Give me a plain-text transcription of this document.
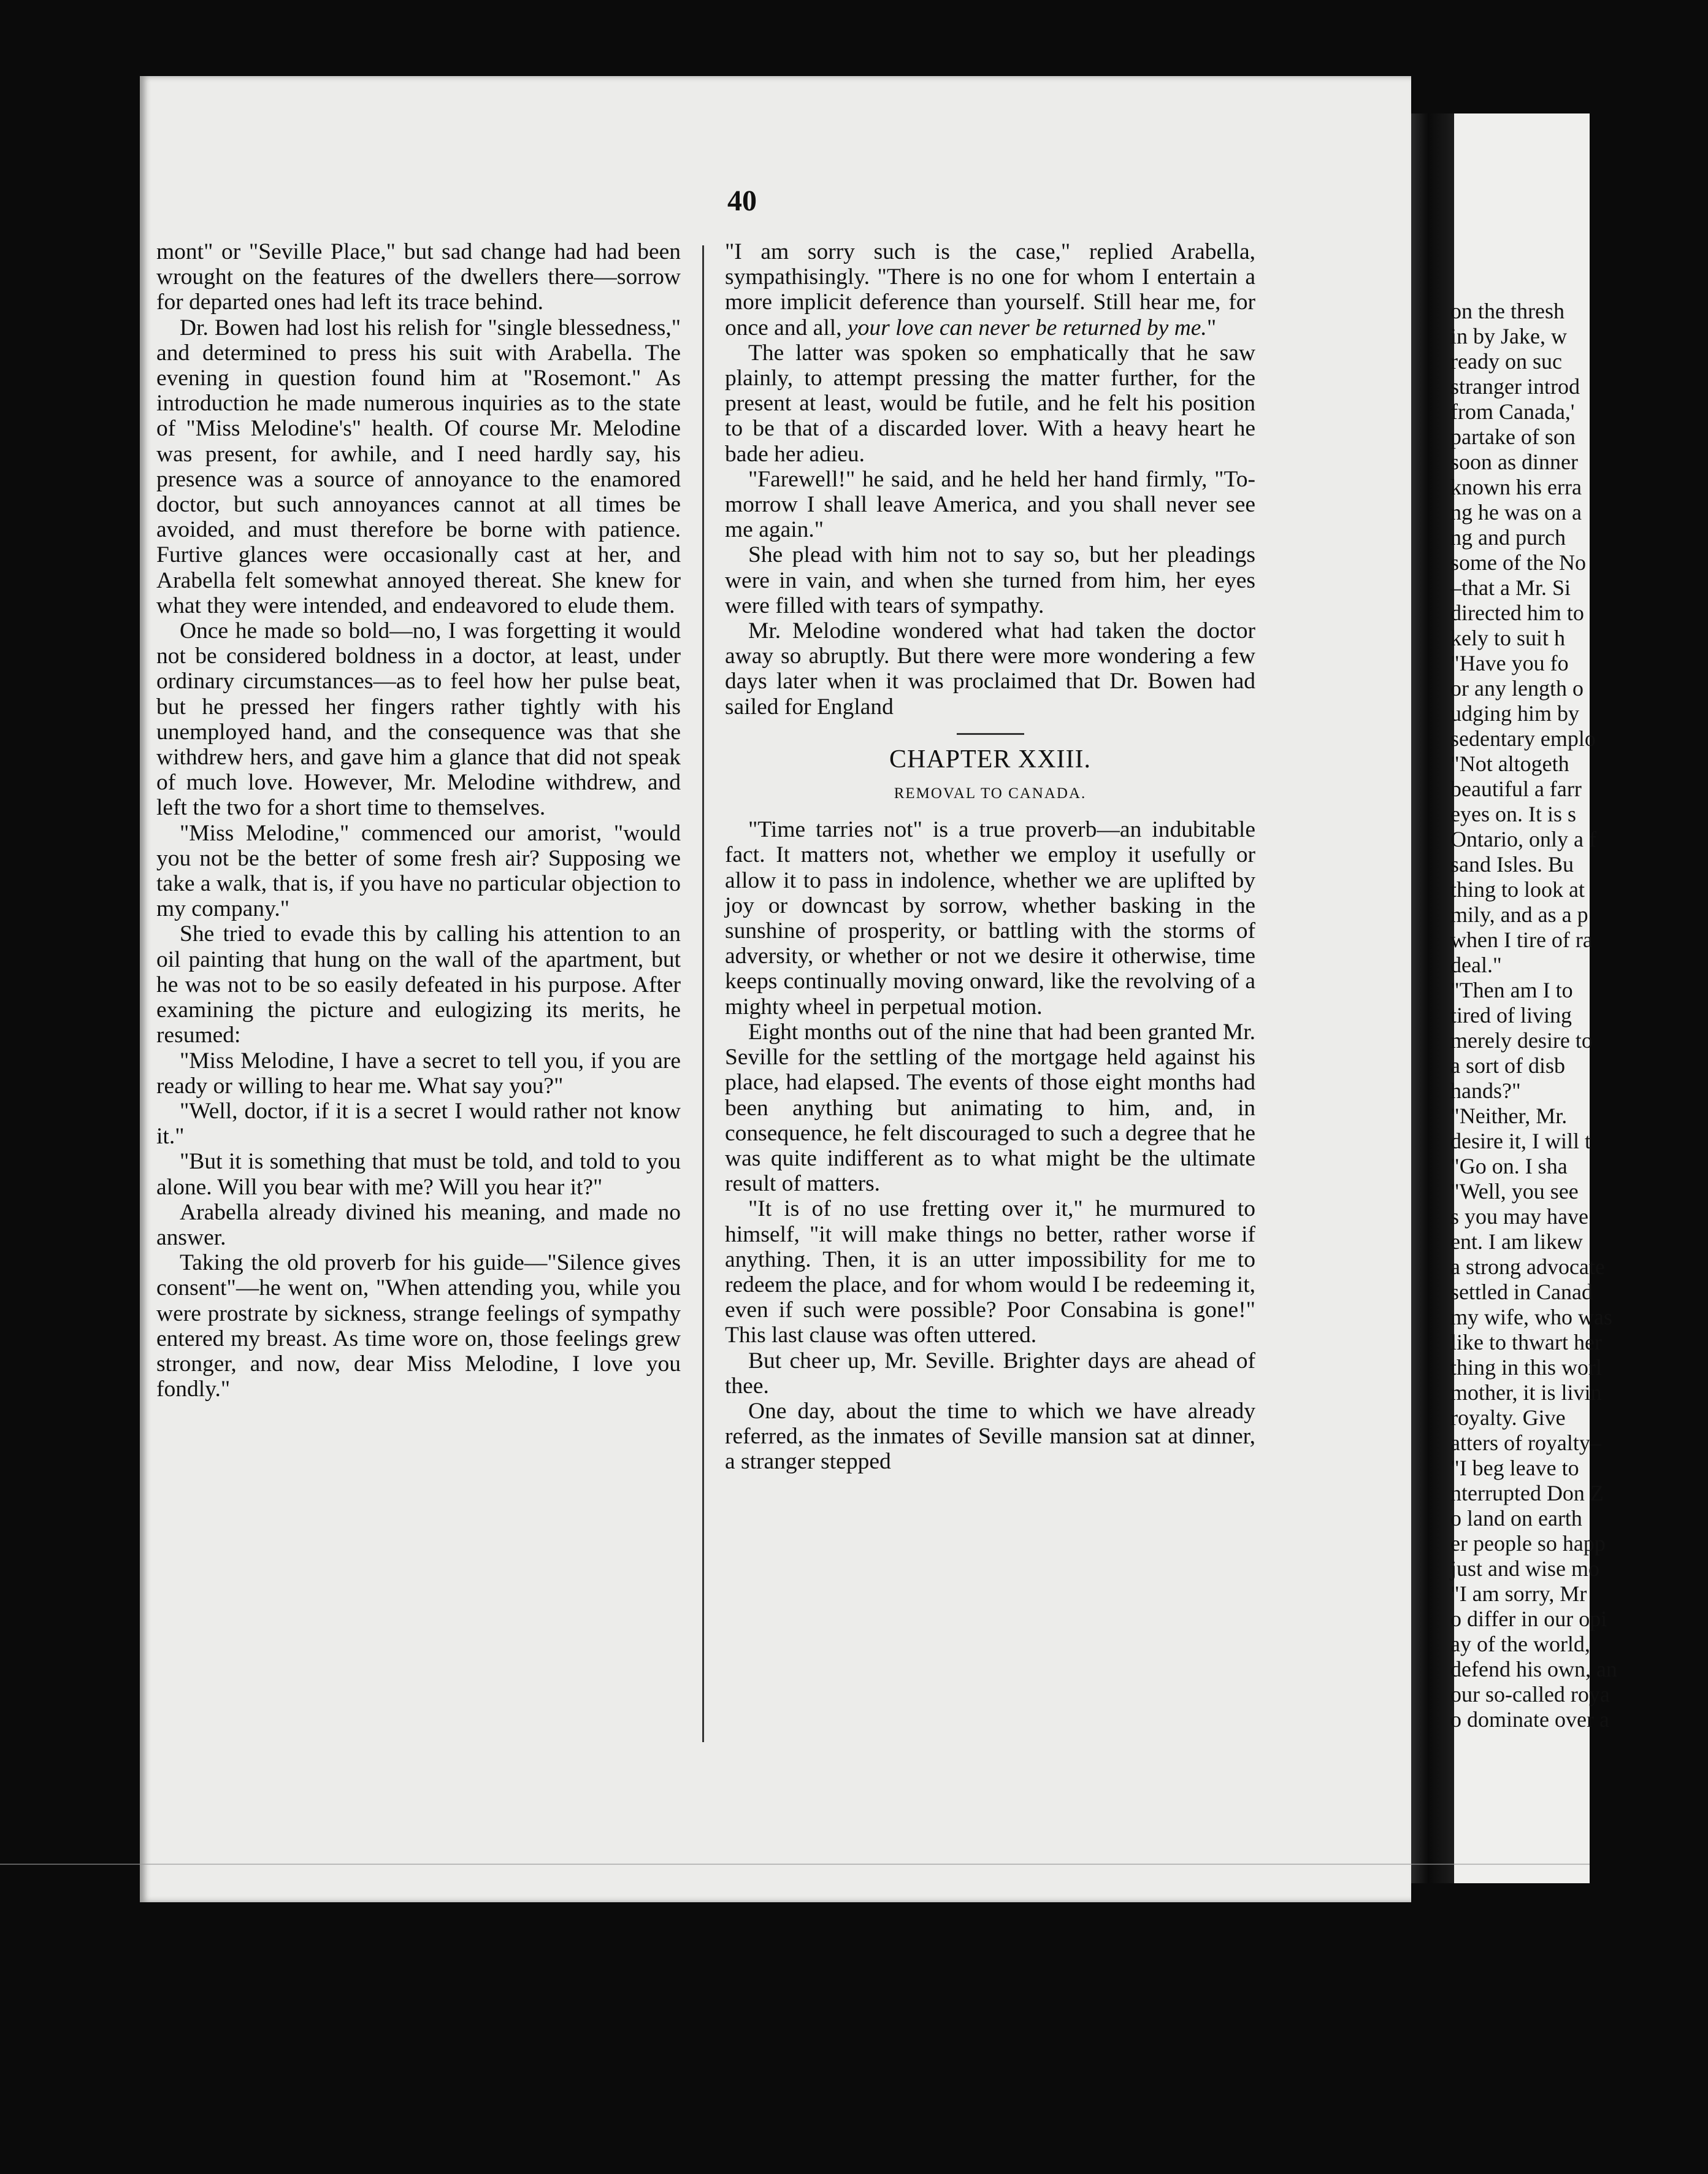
on the thresh
in by Jake, w
ready on suc
stranger introd
from Canada,'
partake of son
soon as dinner
known his erra
ng he was on a
ng and purch
some of the No
–that a Mr. Si
directed him to
kely to suit h
"Have you fo
or any length o
udging him by
sedentary emplo
"Not altogeth
beautiful a farr
eyes on. It is s
Ontario, only a f
sand Isles. Bu
thing to look at
mily, and as a p
when I tire of ra
deal."
"Then am I to
tired of living
merely desire to
a sort of disb
hands?"
"Neither, Mr.
desire it, I will t
"Go on. I sha
"Well, you see
s you may have
ent. I am likew
a strong advocate
settled in Canad
my wife, who was
like to thwart her
thing in this worl
mother, it is livin
royalty. Give
atters of royalty–
"I beg leave to
nterrupted Don Z
o land on earth
er people so happ
just and wise mo
"I am sorry, Mr
o differ in our opi
ay of the world,
defend his own, an
our so-called roya
o dominate over a
40

mont" or "Seville Place," but sad change had had been wrought on the features of the dwellers there—sorrow for departed ones had left its trace behind.

Dr. Bowen had lost his relish for "single blessedness," and determined to press his suit with Arabella. The evening in question found him at "Rosemont." As introduction he made numerous inquiries as to the state of "Miss Melodine's" health. Of course Mr. Melodine was present, for awhile, and I need hardly say, his presence was a source of annoyance to the enamored doctor, but such annoyances cannot at all times be avoided, and must therefore be borne with patience. Furtive glances were occasionally cast at her, and Arabella felt somewhat annoyed thereat. She knew for what they were intended, and endeavored to elude them.

Once he made so bold—no, I was forgetting it would not be considered boldness in a doctor, at least, under ordinary circumstances—as to feel how her pulse beat, but he pressed her fingers rather tightly with his unemployed hand, and the consequence was that she withdrew hers, and gave him a glance that did not speak of much love. However, Mr. Melodine withdrew, and left the two for a short time to themselves.

"Miss Melodine," commenced our amorist, "would you not be the better of some fresh air? Supposing we take a walk, that is, if you have no particular objection to my company."

She tried to evade this by calling his attention to an oil painting that hung on the wall of the apartment, but he was not to be so easily defeated in his purpose. After examining the picture and eulogizing its merits, he resumed:

"Miss Melodine, I have a secret to tell you, if you are ready or willing to hear me. What say you?"

"Well, doctor, if it is a secret I would rather not know it."

"But it is something that must be told, and told to you alone. Will you bear with me? Will you hear it?"

Arabella already divined his meaning, and made no answer.

Taking the old proverb for his guide—"Silence gives consent"—he went on, "When attending you, while you were prostrate by sickness, strange feelings of sympathy entered my breast. As time wore on, those feelings grew stronger, and now, dear Miss Melodine, I love you fondly."

"I am sorry such is the case," replied Arabella, sympathisingly. "There is no one for whom I entertain a more implicit deference than yourself. Still hear me, for once and all, your love can never be returned by me."

The latter was spoken so emphatically that he saw plainly, to attempt pressing the matter further, for the present at least, would be futile, and he felt his position to be that of a discarded lover. With a heavy heart he bade her adieu.

"Farewell!" he said, and he held her hand firmly, "To-morrow I shall leave America, and you shall never see me again."

She plead with him not to say so, but her pleadings were in vain, and when she turned from him, her eyes were filled with tears of sympathy.

Mr. Melodine wondered what had taken the doctor away so abruptly. But there were more wondering a few days later when it was proclaimed that Dr. Bowen had sailed for England

CHAPTER XXIII.
REMOVAL TO CANADA.

"Time tarries not" is a true proverb—an indubitable fact. It matters not, whether we employ it usefully or allow it to pass in indolence, whether we are uplifted by joy or downcast by sorrow, whether basking in the sunshine of prosperity, or battling with the storms of adversity, or whether or not we desire it otherwise, time keeps continually moving onward, like the revolving of a mighty wheel in perpetual motion.

Eight months out of the nine that had been granted Mr. Seville for the settling of the mortgage held against his place, had elapsed. The events of those eight months had been anything but animating to him, and, in consequence, he felt discouraged to such a degree that he was quite indifferent as to what might be the ultimate result of matters.

"It is of no use fretting over it," he murmured to himself, "it will make things no better, rather worse if anything. Then, it is an utter impossibility for me to redeem the place, and for whom would I be redeeming it, even if such were possible? Poor Consabina is gone!" This last clause was often uttered.

But cheer up, Mr. Seville. Brighter days are ahead of thee.

One day, about the time to which we have already referred, as the inmates of Seville mansion sat at dinner, a stranger stepped
